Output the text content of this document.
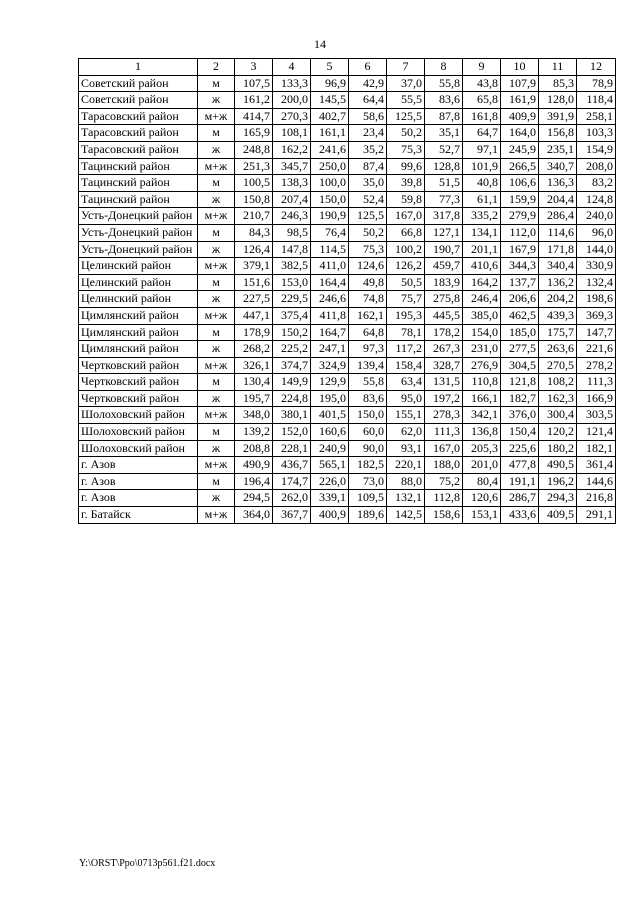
14
1	2	3	4	5	6	7	8	9	10	11	12
Советский район	м	107,5	133,3	96,9	42,9	37,0	55,8	43,8	107,9	85,3	78,9
Советский район	ж	161,2	200,0	145,5	64,4	55,5	83,6	65,8	161,9	128,0	118,4
Тарасовский район	м+ж	414,7	270,3	402,7	58,6	125,5	87,8	161,8	409,9	391,9	258,1
Тарасовский район	м	165,9	108,1	161,1	23,4	50,2	35,1	64,7	164,0	156,8	103,3
Тарасовский район	ж	248,8	162,2	241,6	35,2	75,3	52,7	97,1	245,9	235,1	154,9
Тацинский район	м+ж	251,3	345,7	250,0	87,4	99,6	128,8	101,9	266,5	340,7	208,0
Тацинский район	м	100,5	138,3	100,0	35,0	39,8	51,5	40,8	106,6	136,3	83,2
Тацинский район	ж	150,8	207,4	150,0	52,4	59,8	77,3	61,1	159,9	204,4	124,8
Усть-Донецкий район	м+ж	210,7	246,3	190,9	125,5	167,0	317,8	335,2	279,9	286,4	240,0
Усть-Донецкий район	м	84,3	98,5	76,4	50,2	66,8	127,1	134,1	112,0	114,6	96,0
Усть-Донецкий район	ж	126,4	147,8	114,5	75,3	100,2	190,7	201,1	167,9	171,8	144,0
Целинский район	м+ж	379,1	382,5	411,0	124,6	126,2	459,7	410,6	344,3	340,4	330,9
Целинский район	м	151,6	153,0	164,4	49,8	50,5	183,9	164,2	137,7	136,2	132,4
Целинский район	ж	227,5	229,5	246,6	74,8	75,7	275,8	246,4	206,6	204,2	198,6
Цимлянский район	м+ж	447,1	375,4	411,8	162,1	195,3	445,5	385,0	462,5	439,3	369,3
Цимлянский район	м	178,9	150,2	164,7	64,8	78,1	178,2	154,0	185,0	175,7	147,7
Цимлянский район	ж	268,2	225,2	247,1	97,3	117,2	267,3	231,0	277,5	263,6	221,6
Чертковский район	м+ж	326,1	374,7	324,9	139,4	158,4	328,7	276,9	304,5	270,5	278,2
Чертковский район	м	130,4	149,9	129,9	55,8	63,4	131,5	110,8	121,8	108,2	111,3
Чертковский район	ж	195,7	224,8	195,0	83,6	95,0	197,2	166,1	182,7	162,3	166,9
Шолоховский район	м+ж	348,0	380,1	401,5	150,0	155,1	278,3	342,1	376,0	300,4	303,5
Шолоховский район	м	139,2	152,0	160,6	60,0	62,0	111,3	136,8	150,4	120,2	121,4
Шолоховский район	ж	208,8	228,1	240,9	90,0	93,1	167,0	205,3	225,6	180,2	182,1
г. Азов	м+ж	490,9	436,7	565,1	182,5	220,1	188,0	201,0	477,8	490,5	361,4
г. Азов	м	196,4	174,7	226,0	73,0	88,0	75,2	80,4	191,1	196,2	144,6
г. Азов	ж	294,5	262,0	339,1	109,5	132,1	112,8	120,6	286,7	294,3	216,8
г. Батайск	м+ж	364,0	367,7	400,9	189,6	142,5	158,6	153,1	433,6	409,5	291,1
Y:\ORST\Ppo\0713p561.f21.docx
